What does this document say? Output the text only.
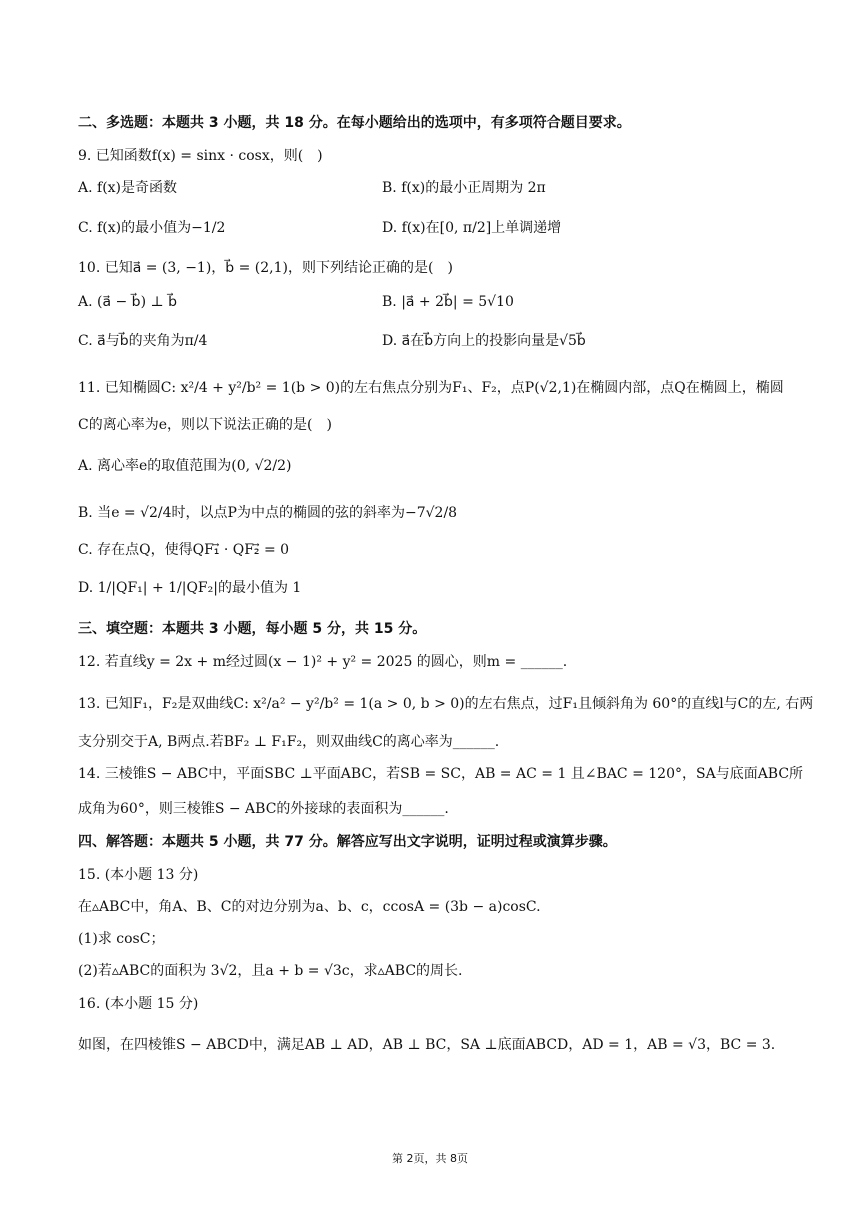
二、多选题：本题共 3 小题，共 18 分。在每小题给出的选项中，有多项符合题目要求。
9. 已知函数f(x) = sinx · cosx，则(　)
A. f(x)是奇函数	B. f(x)的最小正周期为 2π
C. f(x)的最小值为−1/2	D. f(x)在[0, π/2]上单调递增
10. 已知a⃗ = (3, −1)，b⃗ = (2,1)，则下列结论正确的是(　)
A. (a⃗ − b⃗) ⊥ b⃗	B. |a⃗ + 2b⃗| = 5√10
C. a⃗与b⃗的夹角为π/4	D. a⃗在b⃗方向上的投影向量是√5b⃗
11. 已知椭圆C: x²/4 + y²/b² = 1(b > 0)的左右焦点分别为F₁、F₂，点P(√2,1)在椭圆内部，点Q在椭圆上，椭圆
C的离心率为e，则以下说法正确的是(　)
A. 离心率e的取值范围为(0, √2/2)
B. 当e = √2/4时，以点P为中点的椭圆的弦的斜率为−7√2/8
C. 存在点Q，使得QF₁⃗ · QF₂⃗ = 0
D. 1/|QF₁| + 1/|QF₂|的最小值为 1
三、填空题：本题共 3 小题，每小题 5 分，共 15 分。
12. 若直线y = 2x + m经过圆(x − 1)² + y² = 2025 的圆心，则m = ______.
13. 已知F₁，F₂是双曲线C: x²/a² − y²/b² = 1(a > 0, b > 0)的左右焦点，过F₁且倾斜角为 60°的直线l与C的左, 右两
支分别交于A, B两点.若BF₂ ⊥ F₁F₂，则双曲线C的离心率为______.
14. 三棱锥S − ABC中，平面SBC ⊥平面ABC，若SB = SC，AB = AC = 1 且∠BAC = 120°，SA与底面ABC所
成角为60°，则三棱锥S − ABC的外接球的表面积为______.
四、解答题：本题共 5 小题，共 77 分。解答应写出文字说明，证明过程或演算步骤。
15. (本小题 13 分)
在▵ABC中，角A、B、C的对边分别为a、b、c，ccosA = (3b − a)cosC.
(1)求 cosC；
(2)若▵ABC的面积为 3√2，且a + b = √3c，求▵ABC的周长.
16. (本小题 15 分)
如图，在四棱锥S − ABCD中，满足AB ⊥ AD，AB ⊥ BC，SA ⊥底面ABCD，AD = 1，AB = √3，BC = 3.
第 2页，共 8页
